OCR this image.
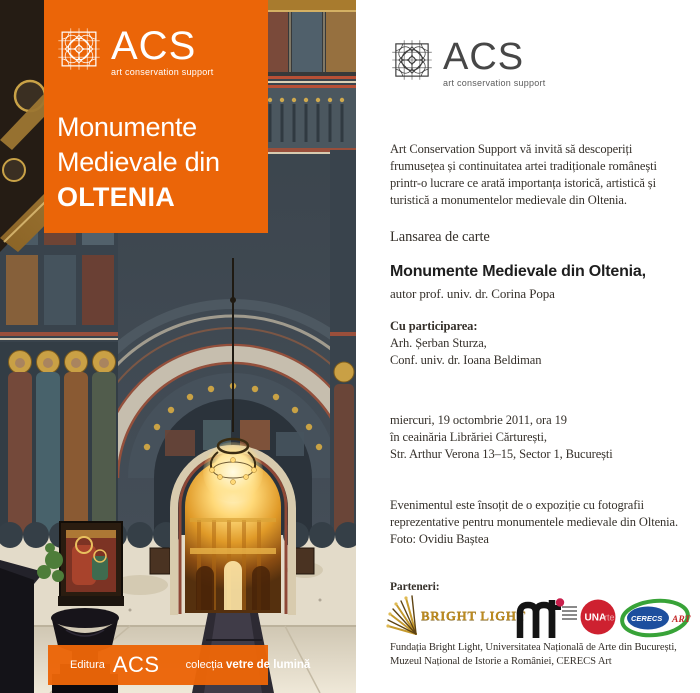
ACS
art conservation support
Monumente
Medievale din
OLTENIA
Editura ACS colecția vetre de lumină
ACS
art conservation support
Art Conservation Support vă invită să descoperiți
frumusețea și continuitatea artei tradiționale românești
printr-o lucrare ce arată importanța istorică, artistică și
turistică a monumentelor medievale din Oltenia.
Lansarea de carte
Monumente Medievale din Oltenia,
autor prof. univ. dr. Corina Popa
Cu participarea:
Arh. Șerban Sturza,
Conf. univ. dr. Ioana Beldiman
miercuri, 19 octombrie 2011, ora 19
în ceainăria Librăriei Cărturești,
Str. Arthur Verona 13–15, Sector 1, București
Evenimentul este însoțit de o expoziție cu fotografii
reprezentative pentru monumentele medievale din Oltenia.
Foto: Ovidiu Baștea
Parteneri:
BRIGHT LIGHT	UNA
rte CERECS ART
Fundația Bright Light, Universitatea Națională de Arte din București,
Muzeul Național de Istorie a României, CERECS Art
